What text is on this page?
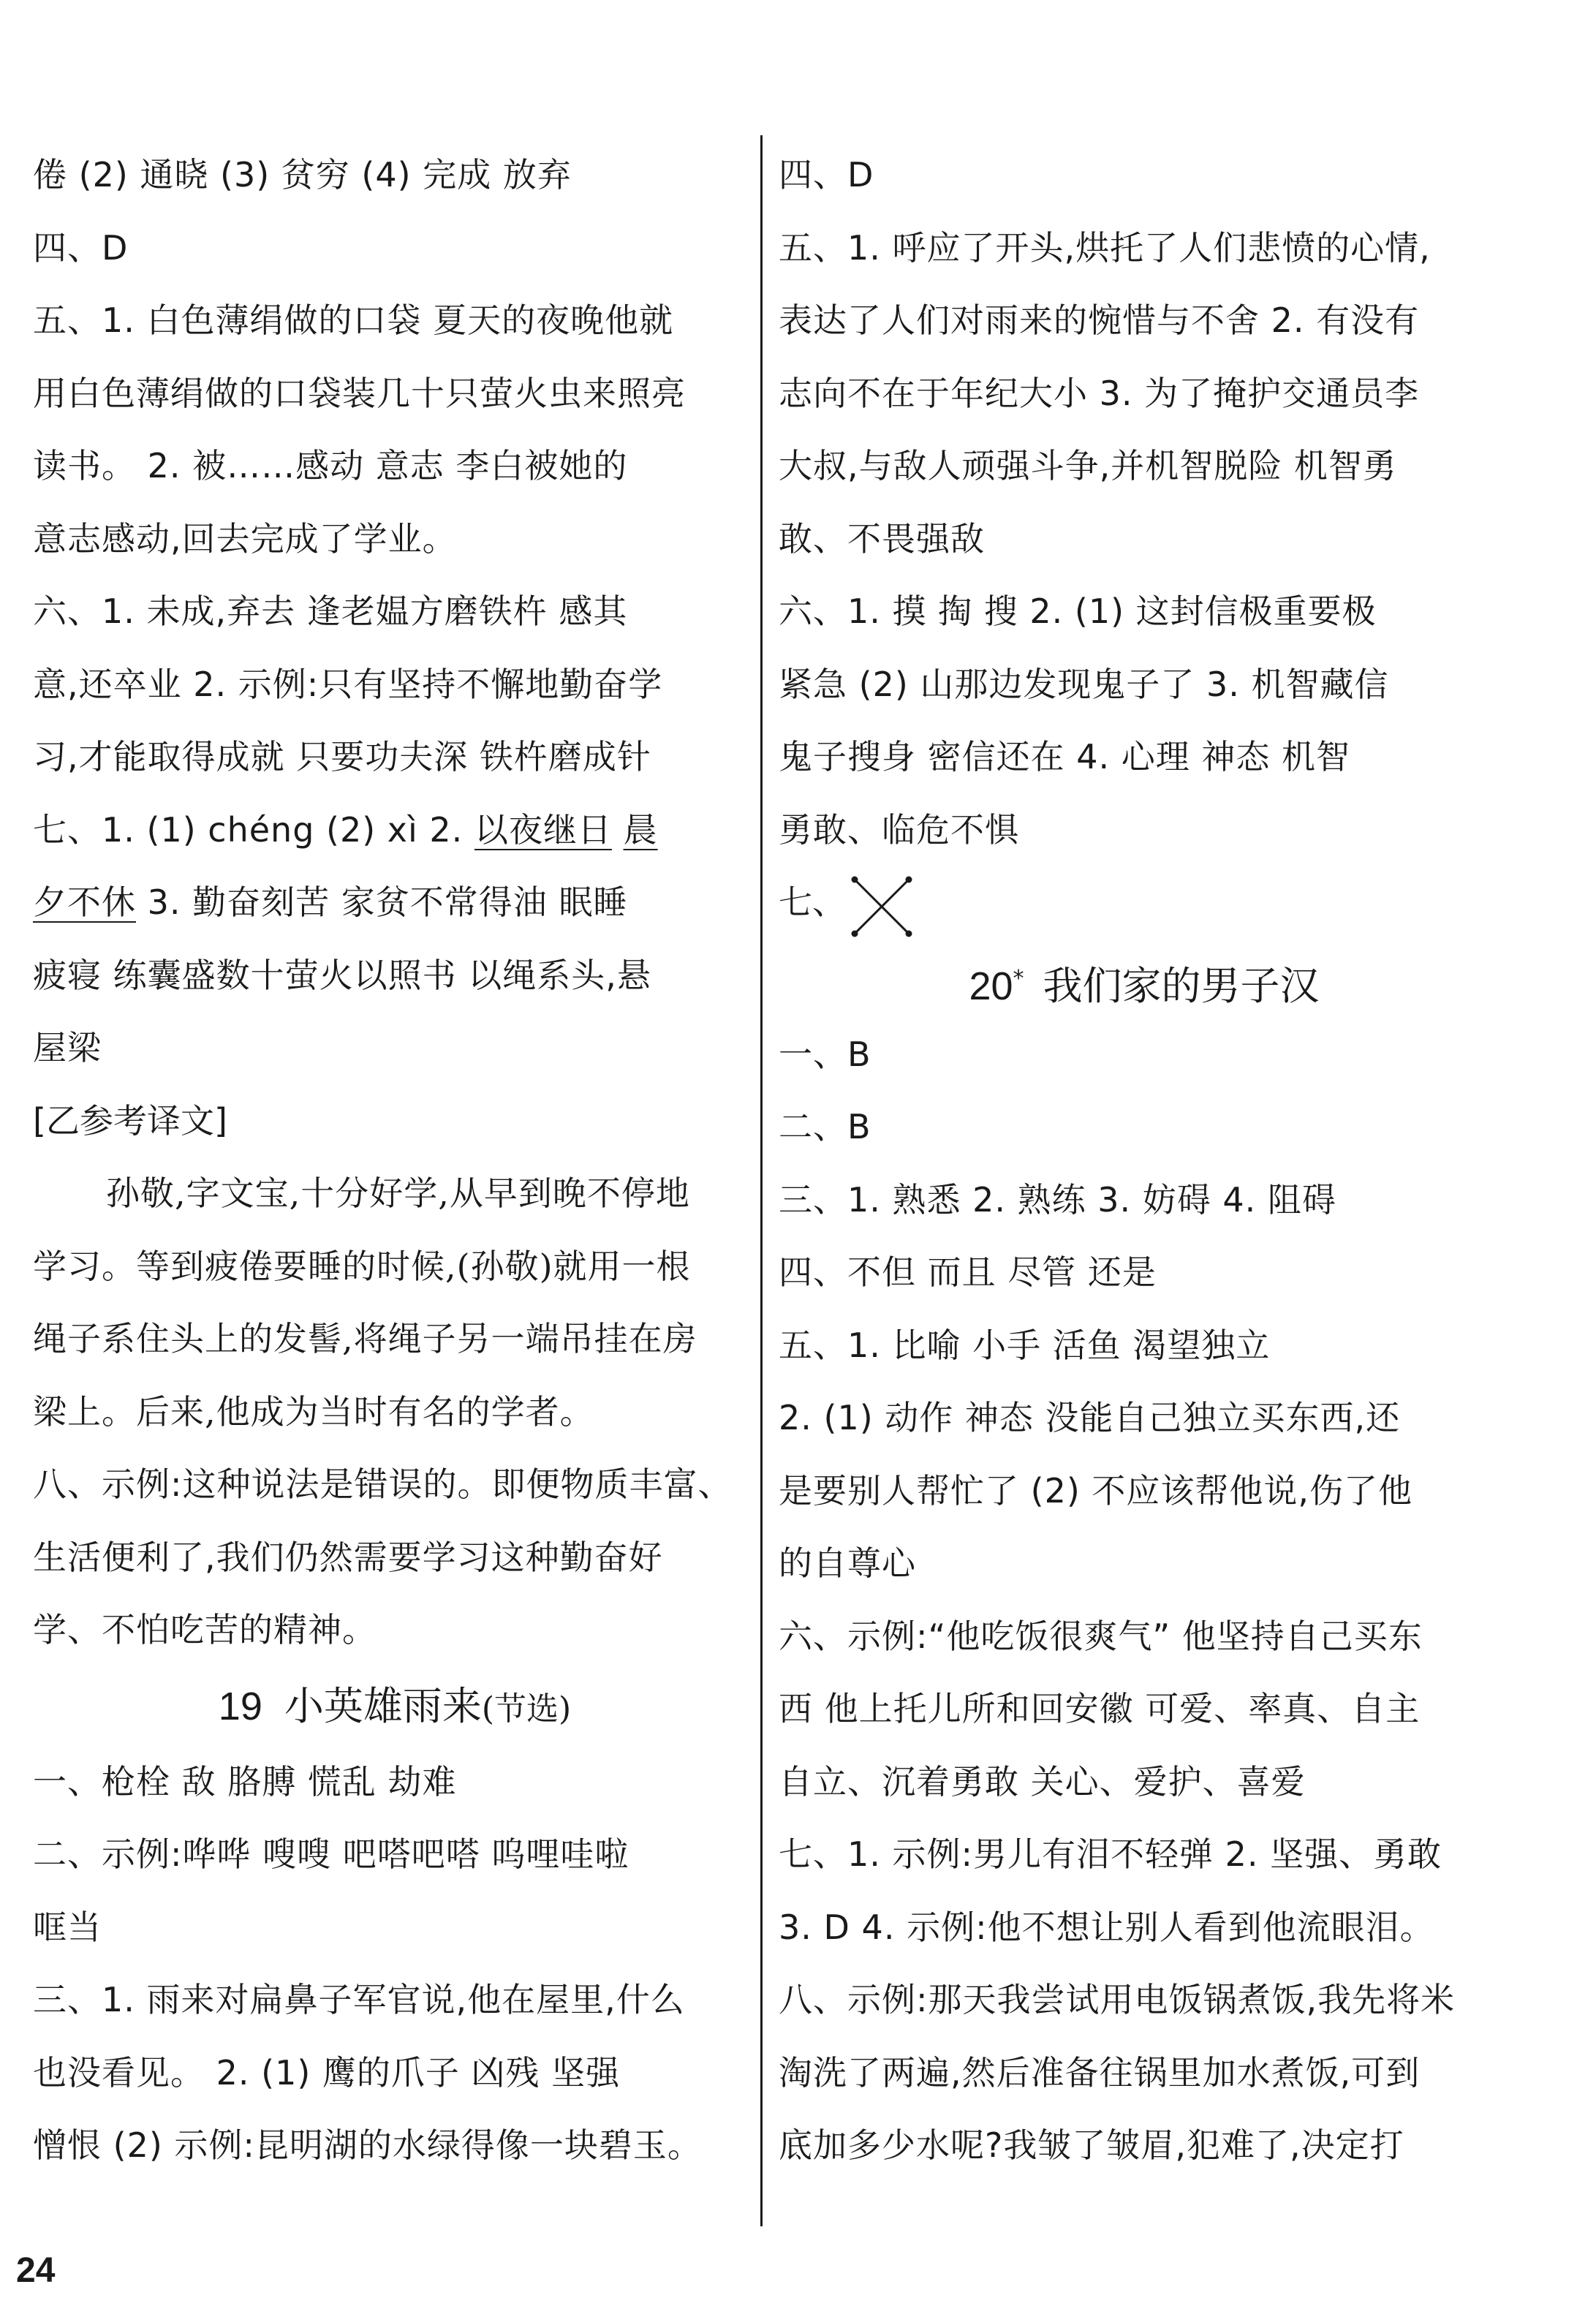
倦 (2) 通晓 (3) 贫穷 (4) 完成 放弃
四、D
五、1. 白色薄绢做的口袋 夏天的夜晚他就
用白色薄绢做的口袋装几十只萤火虫来照亮
读书。 2. 被……感动 意志 李白被她的
意志感动,回去完成了学业。
六、1. 未成,弃去 逢老媪方磨铁杵 感其
意,还卒业 2. 示例:只有坚持不懈地勤奋学
习,才能取得成就 只要功夫深 铁杵磨成针
七、1. (1) chéng (2) xì 2. 以夜继日 晨
夕不休 3. 勤奋刻苦 家贫不常得油 眠睡
疲寝 练囊盛数十萤火以照书 以绳系头,悬
屋梁
[乙参考译文]
孙敬,字文宝,十分好学,从早到晚不停地
学习。等到疲倦要睡的时候,(孙敬)就用一根
绳子系住头上的发髻,将绳子另一端吊挂在房
梁上。后来,他成为当时有名的学者。
八、示例:这种说法是错误的。即便物质丰富、
生活便利了,我们仍然需要学习这种勤奋好
学、不怕吃苦的精神。
19 小英雄雨来(节选)
一、枪栓 敌 胳膊 慌乱 劫难
二、示例:哗哗 嗖嗖 吧嗒吧嗒 呜哩哇啦
哐当
三、1. 雨来对扁鼻子军官说,他在屋里,什么
也没看见。 2. (1) 鹰的爪子 凶残 坚强
憎恨 (2) 示例:昆明湖的水绿得像一块碧玉。
四、D
五、1. 呼应了开头,烘托了人们悲愤的心情,
表达了人们对雨来的惋惜与不舍 2. 有没有
志向不在于年纪大小 3. 为了掩护交通员李
大叔,与敌人顽强斗争,并机智脱险 机智勇
敢、不畏强敌
六、1. 摸 掏 搜 2. (1) 这封信极重要极
紧急 (2) 山那边发现鬼子了 3. 机智藏信
鬼子搜身 密信还在 4. 心理 神态 机智
勇敢、临危不惧
七、
20* 我们家的男子汉
一、B
二、B
三、1. 熟悉 2. 熟练 3. 妨碍 4. 阻碍
四、不但 而且 尽管 还是
五、1. 比喻 小手 活鱼 渴望独立
2. (1) 动作 神态 没能自己独立买东西,还
是要别人帮忙了 (2) 不应该帮他说,伤了他
的自尊心
六、示例:“他吃饭很爽气” 他坚持自己买东
西 他上托儿所和回安徽 可爱、率真、自主
自立、沉着勇敢 关心、爱护、喜爱
七、1. 示例:男儿有泪不轻弹 2. 坚强、勇敢
3. D 4. 示例:他不想让别人看到他流眼泪。
八、示例:那天我尝试用电饭锅煮饭,我先将米
淘洗了两遍,然后准备往锅里加水煮饭,可到
底加多少水呢?我皱了皱眉,犯难了,决定打
24
